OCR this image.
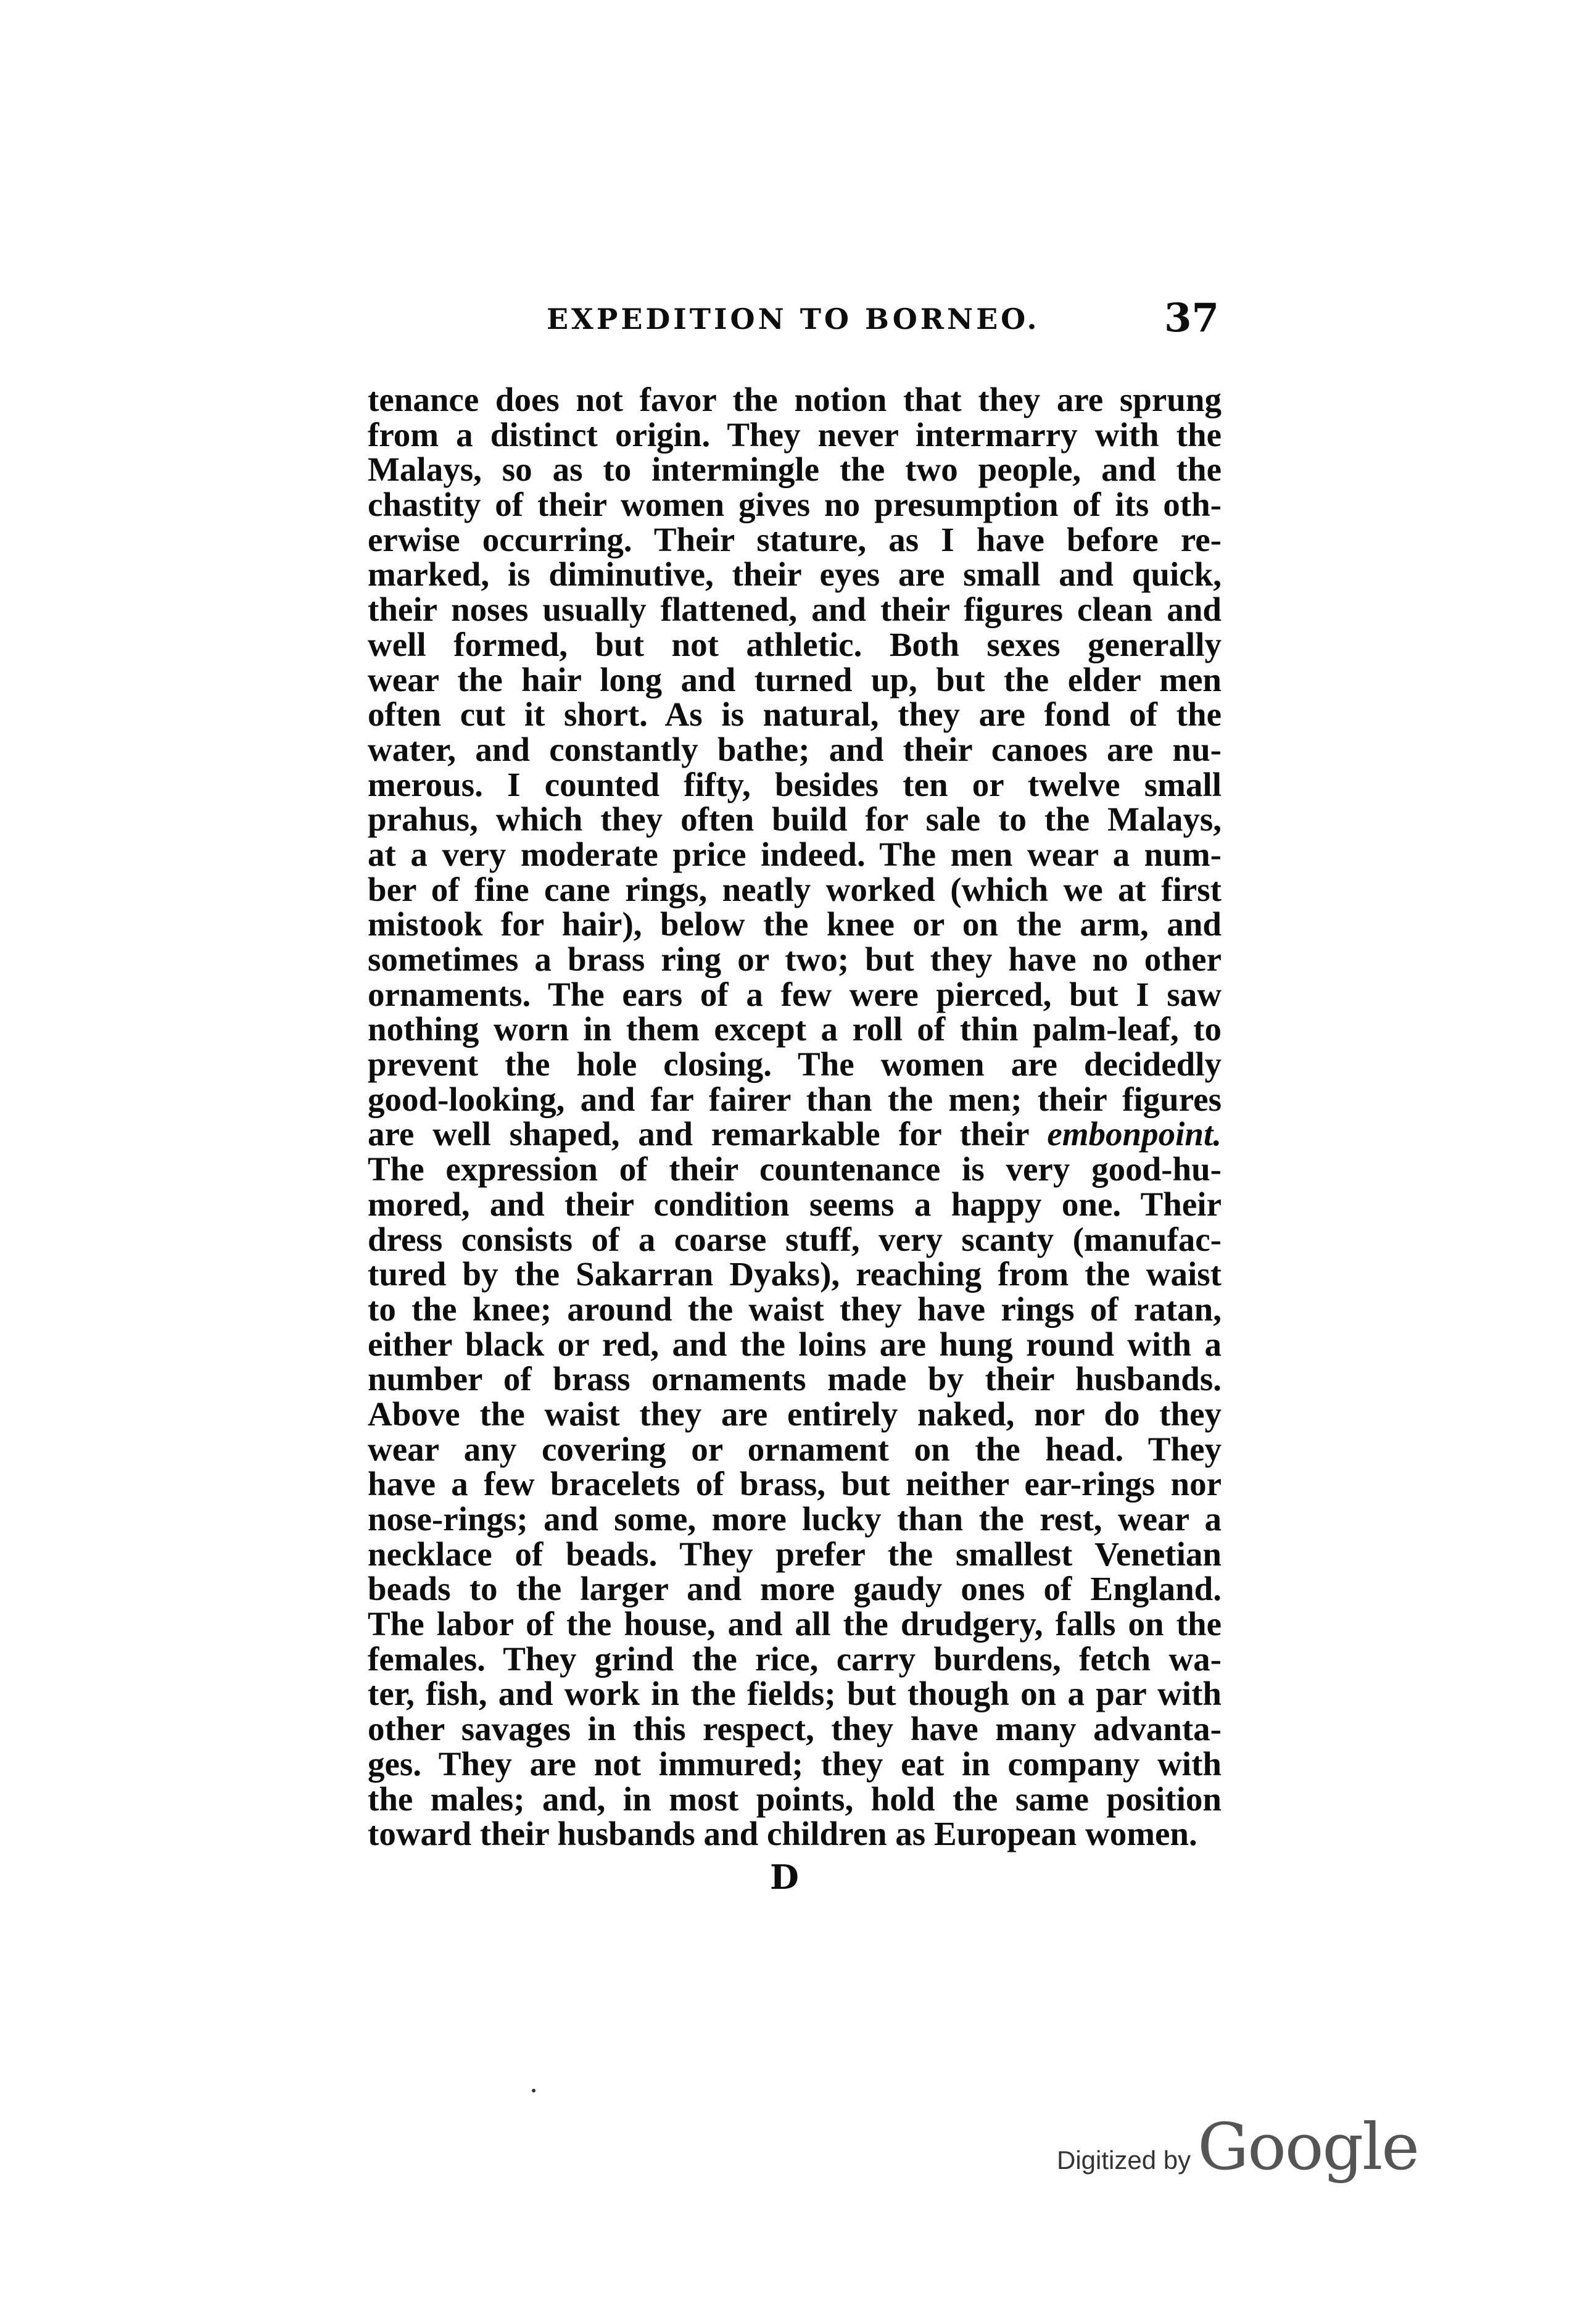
EXPEDITION TO BORNEO.	37
tenance does not favor the notion that they are sprung
from a distinct origin. They never intermarry with the
Malays, so as to intermingle the two people, and the
chastity of their women gives no presumption of its oth-
erwise occurring. Their stature, as I have before re-
marked, is diminutive, their eyes are small and quick,
their noses usually flattened, and their figures clean and
well formed, but not athletic. Both sexes generally
wear the hair long and turned up, but the elder men
often cut it short. As is natural, they are fond of the
water, and constantly bathe; and their canoes are nu-
merous. I counted fifty, besides ten or twelve small
prahus, which they often build for sale to the Malays,
at a very moderate price indeed. The men wear a num-
ber of fine cane rings, neatly worked (which we at first
mistook for hair), below the knee or on the arm, and
sometimes a brass ring or two; but they have no other
ornaments. The ears of a few were pierced, but I saw
nothing worn in them except a roll of thin palm-leaf, to
prevent the hole closing. The women are decidedly
good-looking, and far fairer than the men; their figures
are well shaped, and remarkable for their embonpoint.
The expression of their countenance is very good-hu-
mored, and their condition seems a happy one. Their
dress consists of a coarse stuff, very scanty (manufac-
tured by the Sakarran Dyaks), reaching from the waist
to the knee; around the waist they have rings of ratan,
either black or red, and the loins are hung round with a
number of brass ornaments made by their husbands.
Above the waist they are entirely naked, nor do they
wear any covering or ornament on the head. They
have a few bracelets of brass, but neither ear-rings nor
nose-rings; and some, more lucky than the rest, wear a
necklace of beads. They prefer the smallest Venetian
beads to the larger and more gaudy ones of England.
The labor of the house, and all the drudgery, falls on the
females. They grind the rice, carry burdens, fetch wa-
ter, fish, and work in the fields; but though on a par with
other savages in this respect, they have many advanta-
ges. They are not immured; they eat in company with
the males; and, in most points, hold the same position
toward their husbands and children as European women.
D
Digitized by Google
